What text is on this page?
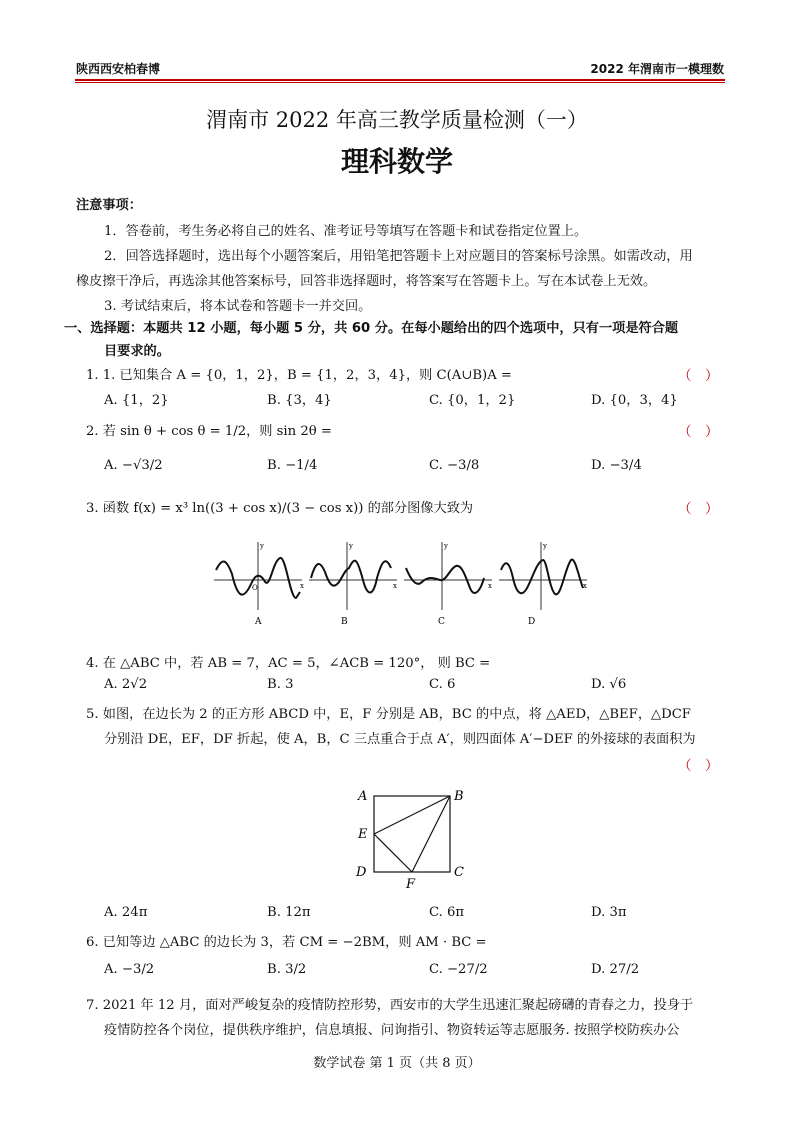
陕西西安柏春博	2022 年渭南市一模理数
渭南市 2022 年高三教学质量检测（一）
理科数学
注意事项：
1．答卷前，考生务必将自己的姓名、准考证号等填写在答题卡和试卷指定位置上。
2．回答选择题时，选出每个小题答案后，用铅笔把答题卡上对应题目的答案标号涂黑。如需改动，用
橡皮擦干净后，再选涂其他答案标号，回答非选择题时，将答案写在答题卡上。写在本试卷上无效。
3. 考试结束后，将本试卷和答题卡一并交回。
一、选择题：本题共 12 小题，每小题 5 分，共 60 分。在每小题给出的四个选项中，只有一项是符合题
目要求的。
1. 1. 已知集合 A = {0，1，2}，B = {1，2，3，4}，则 C(A∪B)A =	（　）
A. {1，2}	B. {3，4}	C. {0，1，2}	D. {0，3，4}
2. 若 sin θ + cos θ = 1/2，则 sin 2θ =	（　）
A. −√3/2	B. −1/4	C. −3/8	D. −3/4
3. 函数 f(x) = x³ ln((3 + cos x)/(3 − cos x)) 的部分图像大致为	（　）
y
x
O
y
x
y
x
y
x
A	B	C	D
4. 在 △ABC 中，若 AB = 7，AC = 5，∠ACB = 120°， 则 BC =
A. 2√2	B. 3	C. 6	D. √6
5. 如图，在边长为 2 的正方形 ABCD 中，E，F 分别是 AB，BC 的中点，将 △AED，△BEF，△DCF
分别沿 DE，EF，DF 折起，使 A，B，C 三点重合于点 A′，则四面体 A′−DEF 的外接球的表面积为
（　）
A	B
C
D
E
F
A. 24π	B. 12π	C. 6π	D. 3π
6. 已知等边 △ABC 的边长为 3，若 CM = −2BM，则 AM · BC =
A. −3/2	B. 3/2	C. −27/2	D. 27/2
7. 2021 年 12 月，面对严峻复杂的疫情防控形势，西安市的大学生迅速汇聚起磅礴的青春之力，投身于
疫情防控各个岗位，提供秩序维护，信息填报、问询指引、物资转运等志愿服务. 按照学校防疾办公
数学试卷 第 1 页（共 8 页）
